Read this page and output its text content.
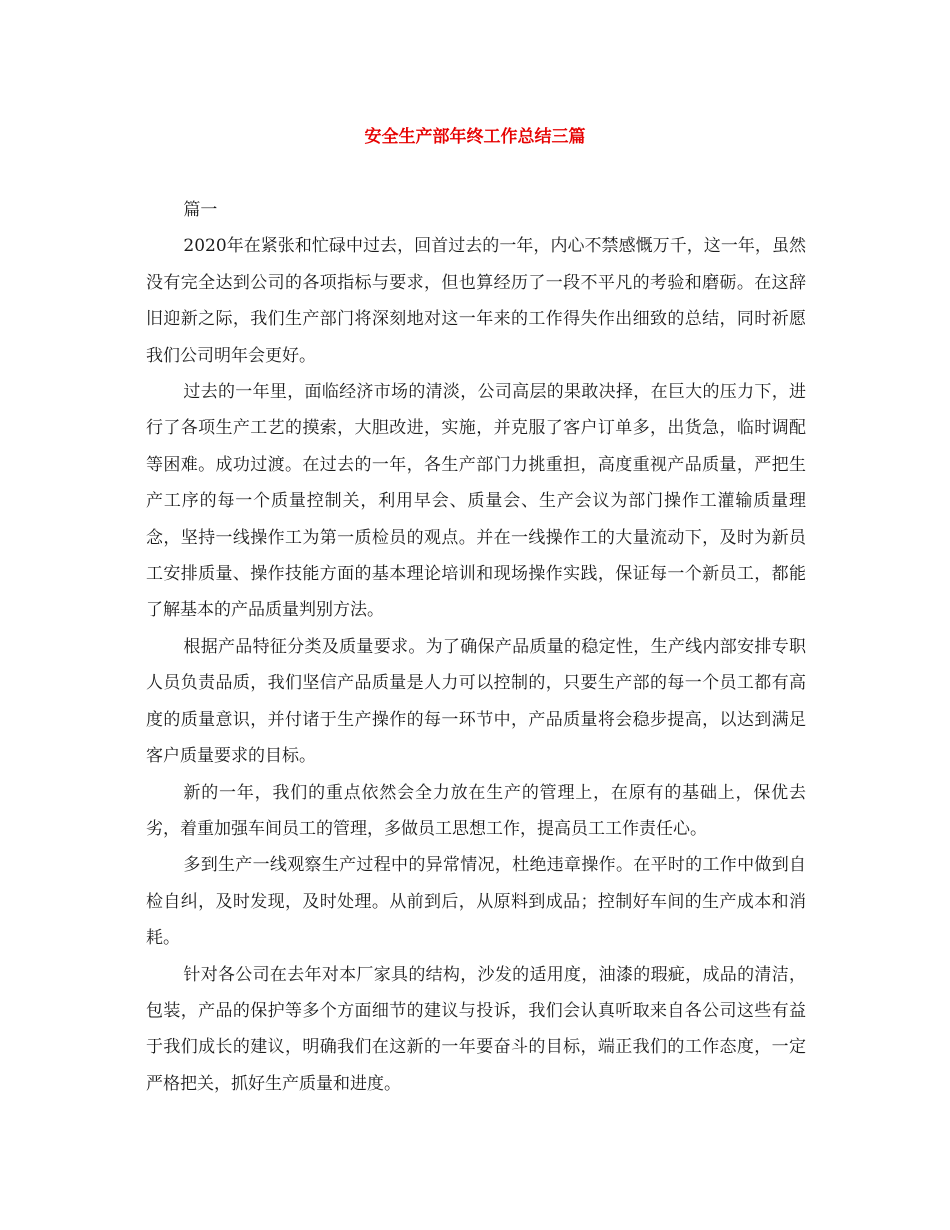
安全生产部年终工作总结三篇

篇一

2020年在紧张和忙碌中过去，回首过去的一年，内心不禁感慨万千，这一年，虽然没有完全达到公司的各项指标与要求，但也算经历了一段不平凡的考验和磨砺。在这辞旧迎新之际，我们生产部门将深刻地对这一年来的工作得失作出细致的总结，同时祈愿我们公司明年会更好。

过去的一年里，面临经济市场的清淡，公司高层的果敢决择，在巨大的压力下，进行了各项生产工艺的摸索，大胆改进，实施，并克服了客户订单多，出货急，临时调配等困难。成功过渡。在过去的一年，各生产部门力挑重担，高度重视产品质量，严把生产工序的每一个质量控制关，利用早会、质量会、生产会议为部门操作工灌输质量理念，坚持一线操作工为第一质检员的观点。并在一线操作工的大量流动下，及时为新员工安排质量、操作技能方面的基本理论培训和现场操作实践，保证每一个新员工，都能了解基本的产品质量判别方法。

根据产品特征分类及质量要求。为了确保产品质量的稳定性，生产线内部安排专职人员负责品质，我们坚信产品质量是人力可以控制的，只要生产部的每一个员工都有高度的质量意识，并付诸于生产操作的每一环节中，产品质量将会稳步提高，以达到满足客户质量要求的目标。

新的一年，我们的重点依然会全力放在生产的管理上，在原有的基础上，保优去劣，着重加强车间员工的管理，多做员工思想工作，提高员工工作责任心。

多到生产一线观察生产过程中的异常情况，杜绝违章操作。在平时的工作中做到自检自纠，及时发现，及时处理。从前到后，从原料到成品；控制好车间的生产成本和消耗。

针对各公司在去年对本厂家具的结构，沙发的适用度，油漆的瑕疵，成品的清洁，包装，产品的保护等多个方面细节的建议与投诉，我们会认真听取来自各公司这些有益于我们成长的建议，明确我们在这新的一年要奋斗的目标，端正我们的工作态度，一定严格把关，抓好生产质量和进度。
